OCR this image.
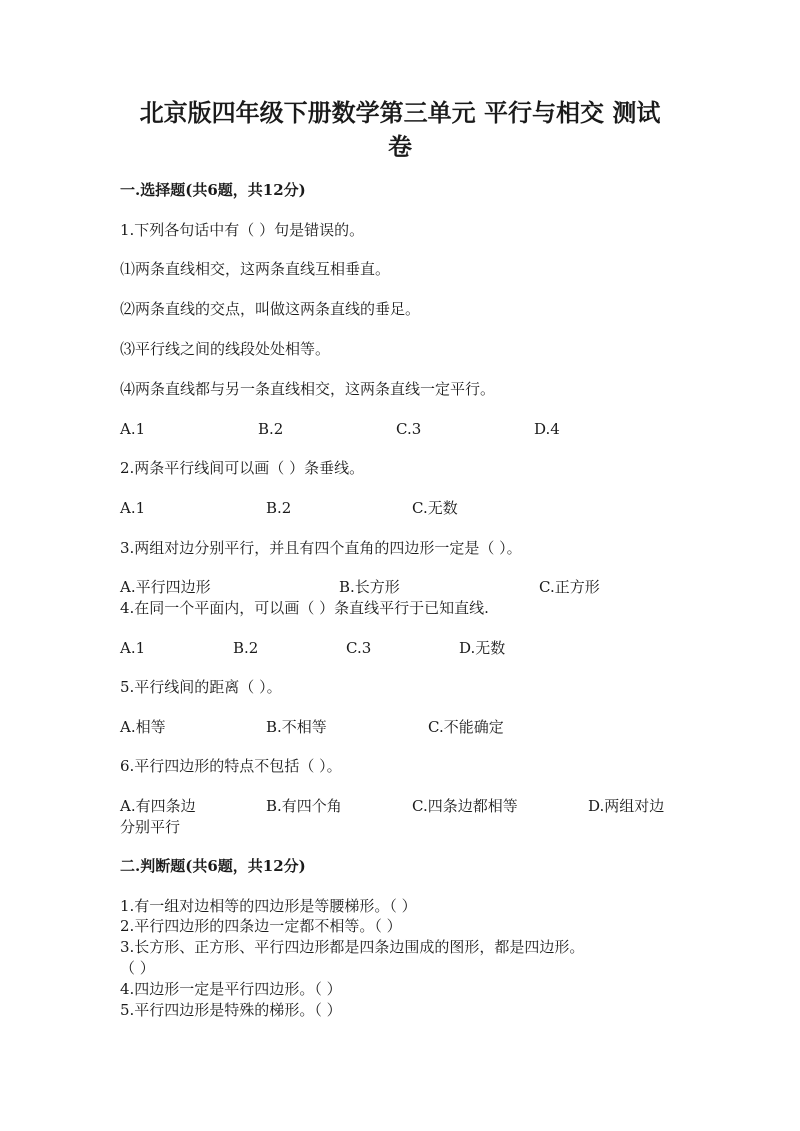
北京版四年级下册数学第三单元 平行与相交 测试
卷
一.选择题(共6题，共12分)
1.下列各句话中有（ ）句是错误的。
⑴两条直线相交，这两条直线互相垂直。
⑵两条直线的交点，叫做这两条直线的垂足。
⑶平行线之间的线段处处相等。
⑷两条直线都与另一条直线相交，这两条直线一定平行。
A.1	B.2	C.3	D.4
2.两条平行线间可以画（ ）条垂线。
A.1	B.2	C.无数
3.两组对边分别平行，并且有四个直角的四边形一定是（ ）。
A.平行四边形	B.长方形	C.正方形
4.在同一个平面内，可以画（ ）条直线平行于已知直线.
A.1	B.2	C.3	D.无数
5.平行线间的距离（ ）。
A.相等	B.不相等	C.不能确定
6.平行四边形的特点不包括（ ）。
A.有四条边	B.有四个角	C.四条边都相等	D.两组对边
分别平行
二.判断题(共6题，共12分)
1.有一组对边相等的四边形是等腰梯形。（ ）
2.平行四边形的四条边一定都不相等。（ ）
3.长方形、正方形、平行四边形都是四条边围成的图形，都是四边形。
（ ）
4.四边形一定是平行四边形。（ ）
5.平行四边形是特殊的梯形。（ ）
